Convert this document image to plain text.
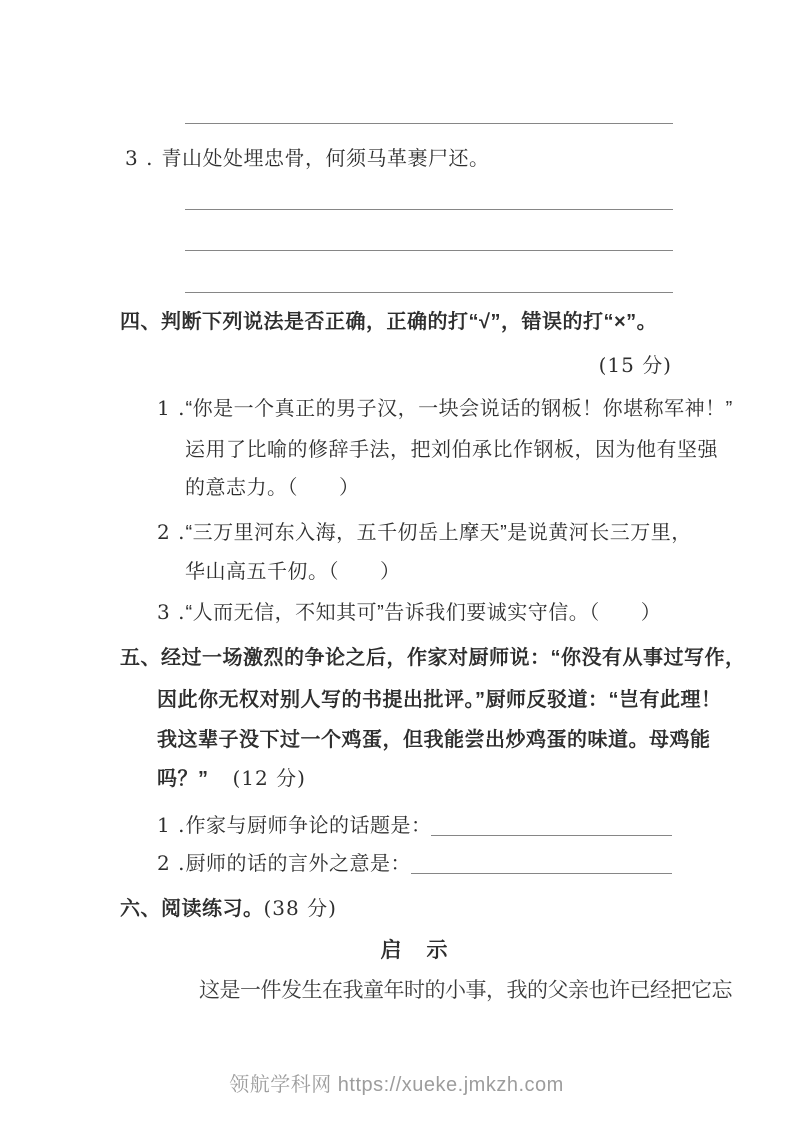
3 . 青山处处埋忠骨，何须马革裹尸还。
四、判断下列说法是否正确，正确的打“√”，错误的打“×”。
(15 分)
1 .“你是一个真正的男子汉，一块会说话的钢板！你堪称军神！”
运用了比喻的修辞手法，把刘伯承比作钢板，因为他有坚强
的意志力。（　　）
2 .“三万里河东入海，五千仞岳上摩天”是说黄河长三万里，
华山高五千仞。（　　）
3 .“人而无信，不知其可”告诉我们要诚实守信。（　　）
五、经过一场激烈的争论之后，作家对厨师说：“你没有从事过写作，
因此你无权对别人写的书提出批评。”厨师反驳道：“岂有此理！
我这辈子没下过一个鸡蛋，但我能尝出炒鸡蛋的味道。母鸡能
吗？” (12 分)
1 .作家与厨师争论的话题是：
2 .厨师的话的言外之意是：
六、阅读练习。(38 分)
启　示
这是一件发生在我童年时的小事，我的父亲也许已经把它忘
领航学科网 https://xueke.jmkzh.com
